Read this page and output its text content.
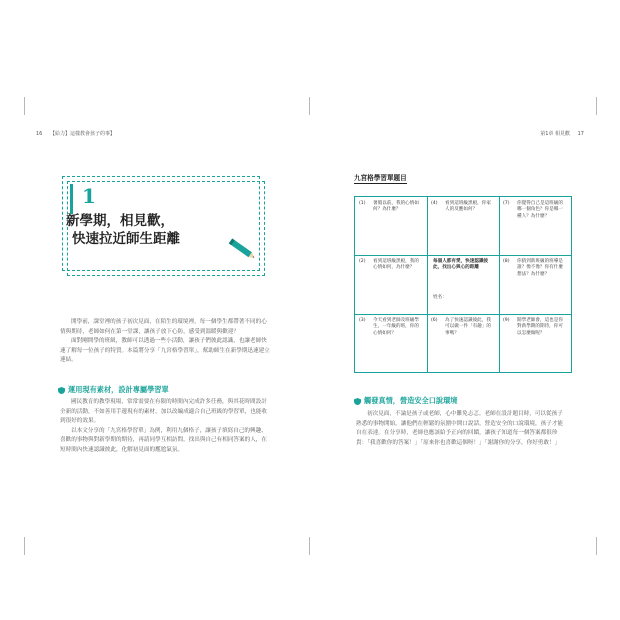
16 【給力】這樣教會孩子的事】
1
新學期，相見歡，
快速拉近師生距離

開學前，課堂裡的孩子初次見面，在陌生的環境裡，每一個學生都帶著不同的心情與期待，老師如何在第一堂課，讓孩子放下心防，感受到溫暖與歡迎？

面對剛開學的班級，教師可以透過一些小活動，讓孩子們彼此認識，也讓老師快速了解每一位孩子的特質。本篇將分享「九宮格學習單」，幫助師生在新學期迅速建立連結。

運用現有素材，設計專屬學習單

國民教育的教學現場，常常需要在有限的時間內完成許多任務，與其花時間設計全新的活動，不如善用手邊現有的素材，加以改編成適合自己班級的學習單，也能收到很好的效果。

以本文分享的「九宮格學習單」為例，利用九個格子，讓孩子填寫自己的興趣、喜歡的事物與對新學期的期待，再請同學互相訪問，找出與自己有相同答案的人，在短時間內快速認識彼此，化解初見面的尷尬氣氛。

第1章 相見歡 17
九宮格學習單題目
(1) 暑假以前，我的心情如何？為什麼？
(4) 看到這班級黑板，你家人的反應如何？
(7) 你覺得自己是這班級的哪一個角色？你是哪一種人？為什麼？
(2) 看到這班級黑板，我的心情如何，為什麼？
每個人都有愛，快速認識彼此，找出心與心的距離
姓名：
(8) 你猜到新班級的班導是誰？像不像？你有什麼想法？為什麼？
(3) 今天看到老師及班級學生，一年級的班，你的心情如何？
(6) 為了快速認識彼此，我可以做一件「有趣」的事嗎？
(9) 開學老師會，這也是你對新學期的期待，你可以怎麼做呢？
觸發真情，營造安全口說環境

初次見面，不論是孩子或老師，心中難免忐忑。老師在設計題目時，可以從孩子熟悉的事物開始，讓他們在輕鬆的氛圍中開口說話，營造安全的口說環境，孩子才能自在表達。在分享時，老師也應該給予正向的回饋，讓孩子知道每一個答案都很珍貴：「我喜歡你的答案！」「原來你也喜歡這個呀！」「謝謝你的分享，你好勇敢！」
